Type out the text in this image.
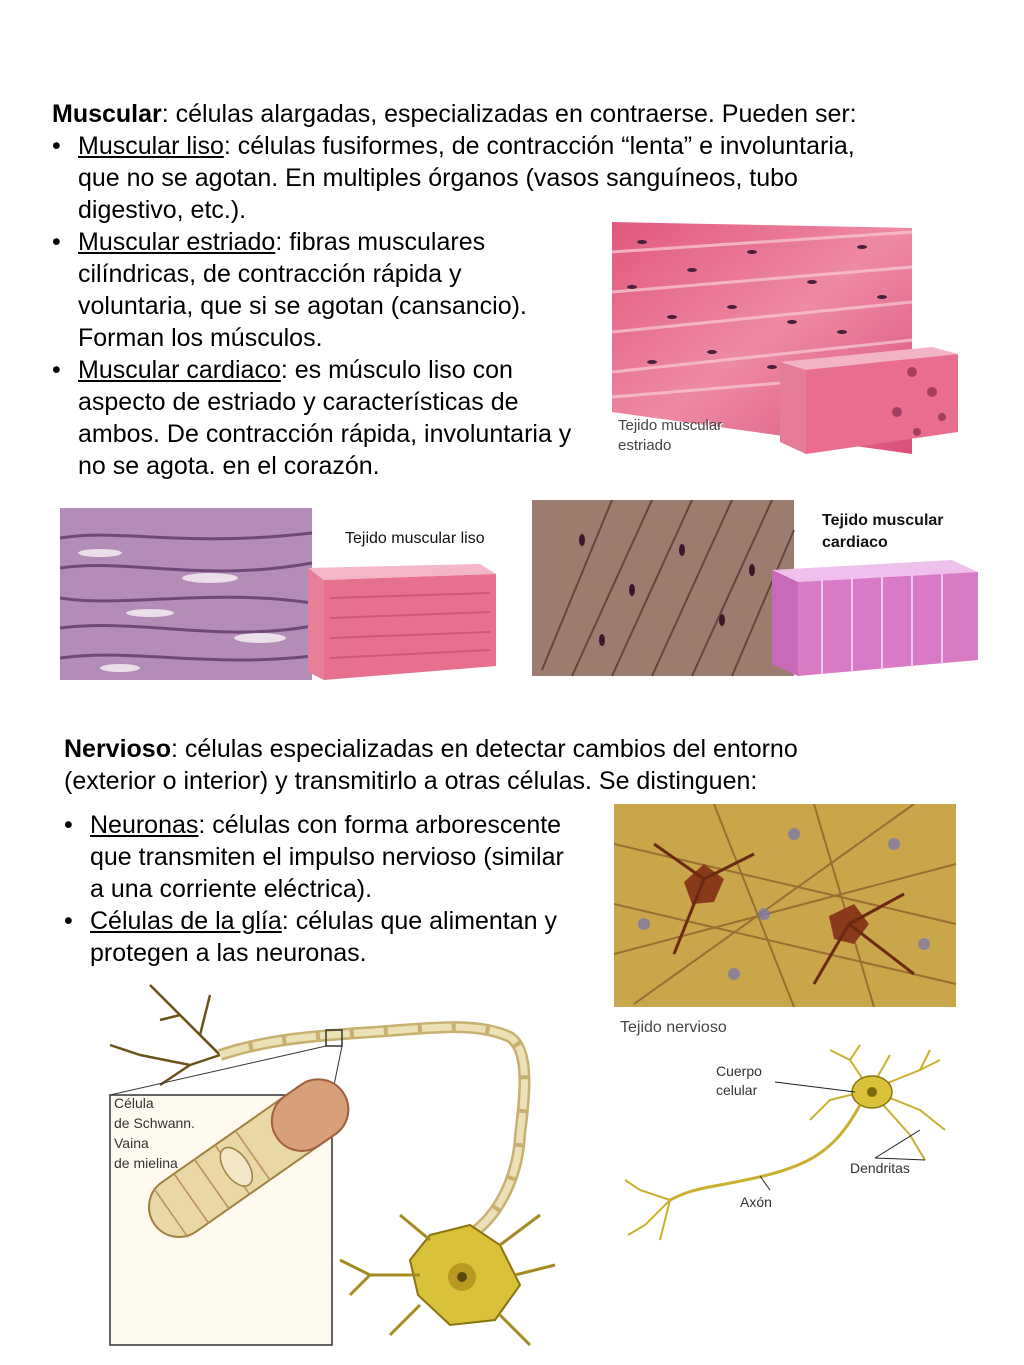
Muscular: células alargadas, especializadas en contraerse. Pueden ser:

• Muscular liso: células fusiformes, de contracción “lenta” e involuntaria,
que no se agotan. En multiples órganos (vasos sanguíneos, tubo
digestivo, etc.).
• Muscular estriado: fibras musculares
cilíndricas, de contracción rápida y
voluntaria, que si se agotan (cansancio).
Forman los músculos.
• Muscular cardiaco: es músculo liso con
aspecto de estriado y características de
ambos. De contracción rápida, involuntaria y
no se agota. en el corazón.
Tejido muscular
estriado
Tejido muscular liso
Tejido muscular
cardiaco

Nervioso: células especializadas en detectar cambios del entorno
(exterior o interior) y transmitirlo a otras células. Se distinguen:

• Neuronas: células con forma arborescente
que transmiten el impulso nervioso (similar
a una corriente eléctrica).
• Células de la glía: células que alimentan y
protegen a las neuronas.
Tejido nervioso
Célula
de Schwann.
Vaina
de mielina
Cuerpo
celular
Dendritas
Axón
